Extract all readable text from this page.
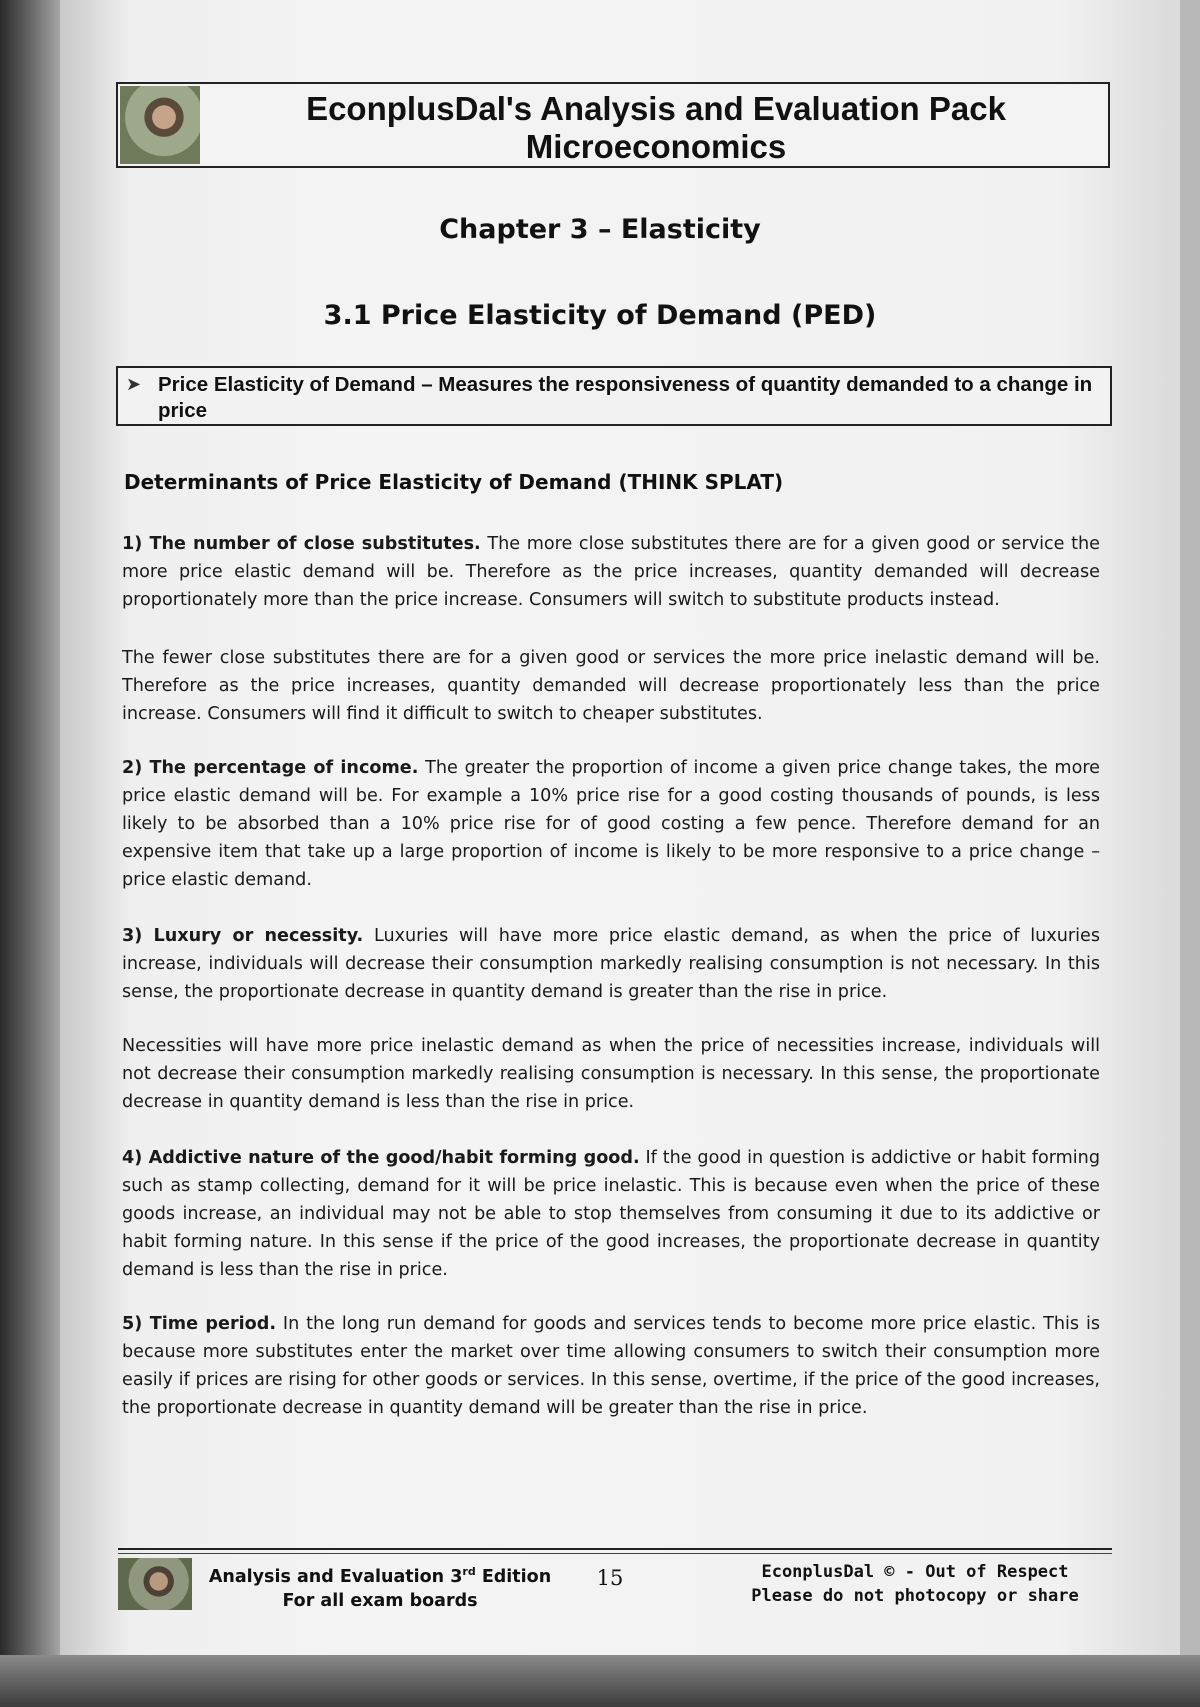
EconplusDal's Analysis and Evaluation Pack
Microeconomics
Chapter 3 – Elasticity
3.1 Price Elasticity of Demand (PED)
➤ Price Elasticity of Demand – Measures the responsiveness of quantity demanded to a change in price
Determinants of Price Elasticity of Demand (THINK SPLAT)
1) The number of close substitutes. The more close substitutes there are for a given good or service the more price elastic demand will be. Therefore as the price increases, quantity demanded will decrease proportionately more than the price increase. Consumers will switch to substitute products instead.
The fewer close substitutes there are for a given good or services the more price inelastic demand will be. Therefore as the price increases, quantity demanded will decrease proportionately less than the price increase. Consumers will find it difficult to switch to cheaper substitutes.
2) The percentage of income. The greater the proportion of income a given price change takes, the more price elastic demand will be. For example a 10% price rise for a good costing thousands of pounds, is less likely to be absorbed than a 10% price rise for of good costing a few pence. Therefore demand for an expensive item that take up a large proportion of income is likely to be more responsive to a price change – price elastic demand.
3) Luxury or necessity. Luxuries will have more price elastic demand, as when the price of luxuries increase, individuals will decrease their consumption markedly realising consumption is not necessary. In this sense, the proportionate decrease in quantity demand is greater than the rise in price.
Necessities will have more price inelastic demand as when the price of necessities increase, individuals will not decrease their consumption markedly realising consumption is necessary. In this sense, the proportionate decrease in quantity demand is less than the rise in price.
4) Addictive nature of the good/habit forming good. If the good in question is addictive or habit forming such as stamp collecting, demand for it will be price inelastic. This is because even when the price of these goods increase, an individual may not be able to stop themselves from consuming it due to its addictive or habit forming nature. In this sense if the price of the good increases, the proportionate decrease in quantity demand is less than the rise in price.
5) Time period. In the long run demand for goods and services tends to become more price elastic. This is because more substitutes enter the market over time allowing consumers to switch their consumption more easily if prices are rising for other goods or services. In this sense, overtime, if the price of the good increases, the proportionate decrease in quantity demand will be greater than the rise in price.
Analysis and Evaluation 3rd Edition
For all exam boards
15	EconplusDal © - Out of Respect
Please do not photocopy or share
